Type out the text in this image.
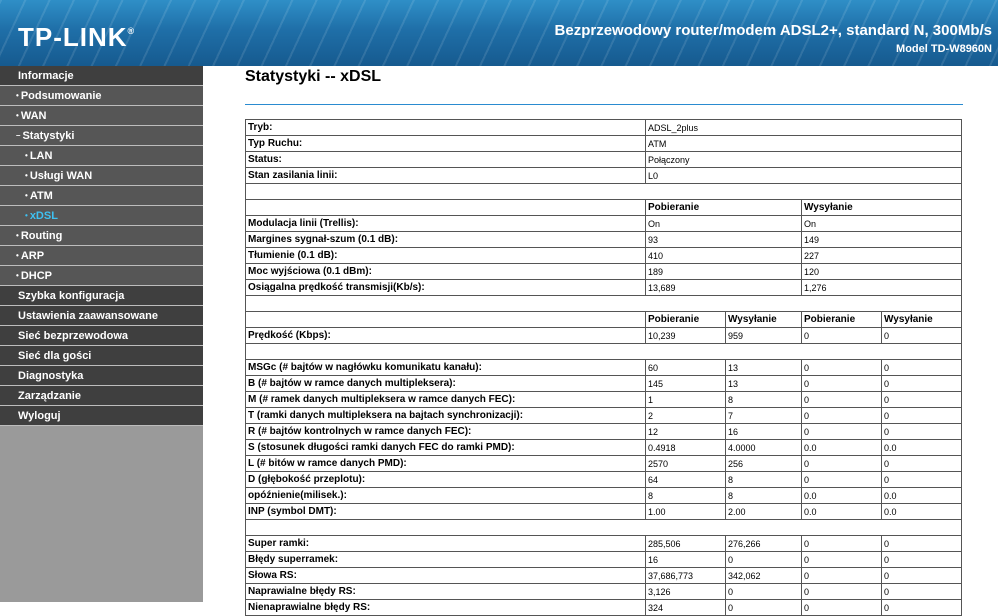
TP-LINK®	Bezprzewodowy router/modem ADSL2+, standard N, 300Mb/s
Model TD-W8960N
Informacje
• Podsumowanie
• WAN
– Statystyki
• LAN
• Usługi WAN
• ATM
• xDSL
• Routing
• ARP
• DHCP
Szybka konfiguracja
Ustawienia zaawansowane
Sieć bezprzewodowa
Sieć dla gości
Diagnostyka
Zarządzanie
Wyloguj
Statystyki -- xDSL
Tryb:	ADSL_2plus			
Typ Ruchu:	ATM			
Status:	Połączony			
Stan zasilania linii:	L0			

	Pobieranie		Wysyłanie	
Modulacja linii (Trellis):	On		On	
Margines sygnał-szum (0.1 dB):	93		149	
Tłumienie (0.1 dB):	410		227	
Moc wyjściowa (0.1 dBm):	189		120	
Osiągalna prędkość transmisji(Kb/s):	13,689		1,276	

	Pobieranie	Wysyłanie	Pobieranie	Wysyłanie
Prędkość (Kbps):	10,239	959	0	0

MSGc (# bajtów w nagłówku komunikatu kanału):	60	13	0	0
B (# bajtów w ramce danych multipleksera):	145	13	0	0
M (# ramek danych multipleksera w ramce danych FEC):	1	8	0	0
T (ramki danych multipleksera na bajtach synchronizacji):	2	7	0	0
R (# bajtów kontrolnych w ramce danych FEC):	12	16	0	0
S (stosunek długości ramki danych FEC do ramki PMD):	0.4918	4.0000	0.0	0.0
L (# bitów w ramce danych PMD):	2570	256	0	0
D (głębokość przeplotu):	64	8	0	0
opóźnienie(milisek.):	8	8	0.0	0.0
INP (symbol DMT):	1.00	2.00	0.0	0.0

Super ramki:	285,506	276,266	0	0
Błędy superramek:	16	0	0	0
Słowa RS:	37,686,773	342,062	0	0
Naprawialne błędy RS:	3,126	0	0	0
Nienaprawialne błędy RS:	324	0	0	0
